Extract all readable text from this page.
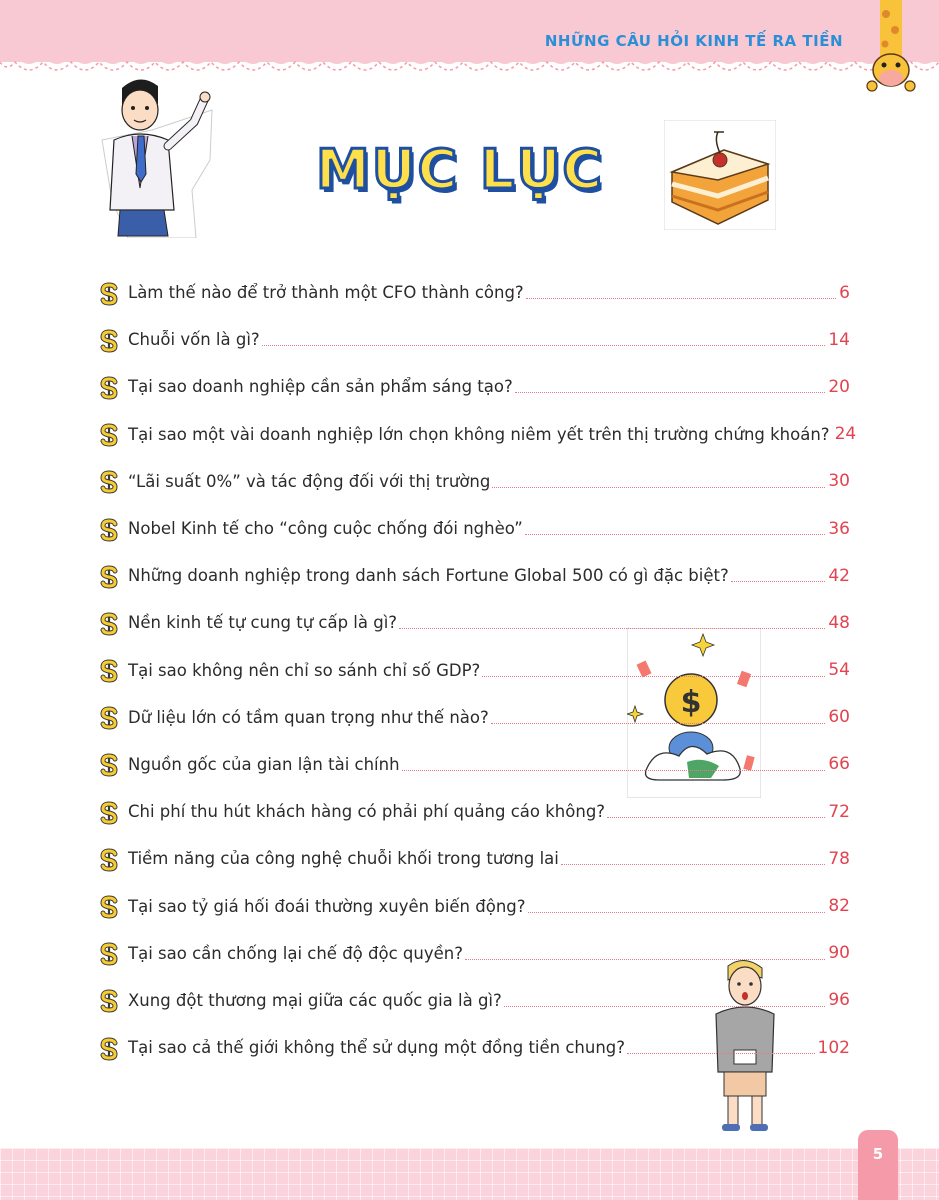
NHỮNG CÂU HỎI KINH TẾ RA TIỀN
MỤC LỤC
$
Làm thế nào để trở thành một CFO thành công?	6
Chuỗi vốn là gì?	14
Tại sao doanh nghiệp cần sản phẩm sáng tạo?	20
Tại sao một vài doanh nghiệp lớn chọn không niêm yết trên thị trường chứng khoán? 24
“Lãi suất 0%” và tác động đối với thị trường	30
Nobel Kinh tế cho “công cuộc chống đói nghèo”	36
Những doanh nghiệp trong danh sách Fortune Global 500 có gì đặc biệt?	42
Nền kinh tế tự cung tự cấp là gì?	48
Tại sao không nên chỉ so sánh chỉ số GDP?	54
Dữ liệu lớn có tầm quan trọng như thế nào?	60
Nguồn gốc của gian lận tài chính	66
Chi phí thu hút khách hàng có phải phí quảng cáo không?	72
Tiềm năng của công nghệ chuỗi khối trong tương lai	78
Tại sao tỷ giá hối đoái thường xuyên biến động?	82
Tại sao cần chống lại chế độ độc quyền?	90
Xung đột thương mại giữa các quốc gia là gì?	96
Tại sao cả thế giới không thể sử dụng một đồng tiền chung?	102
5
